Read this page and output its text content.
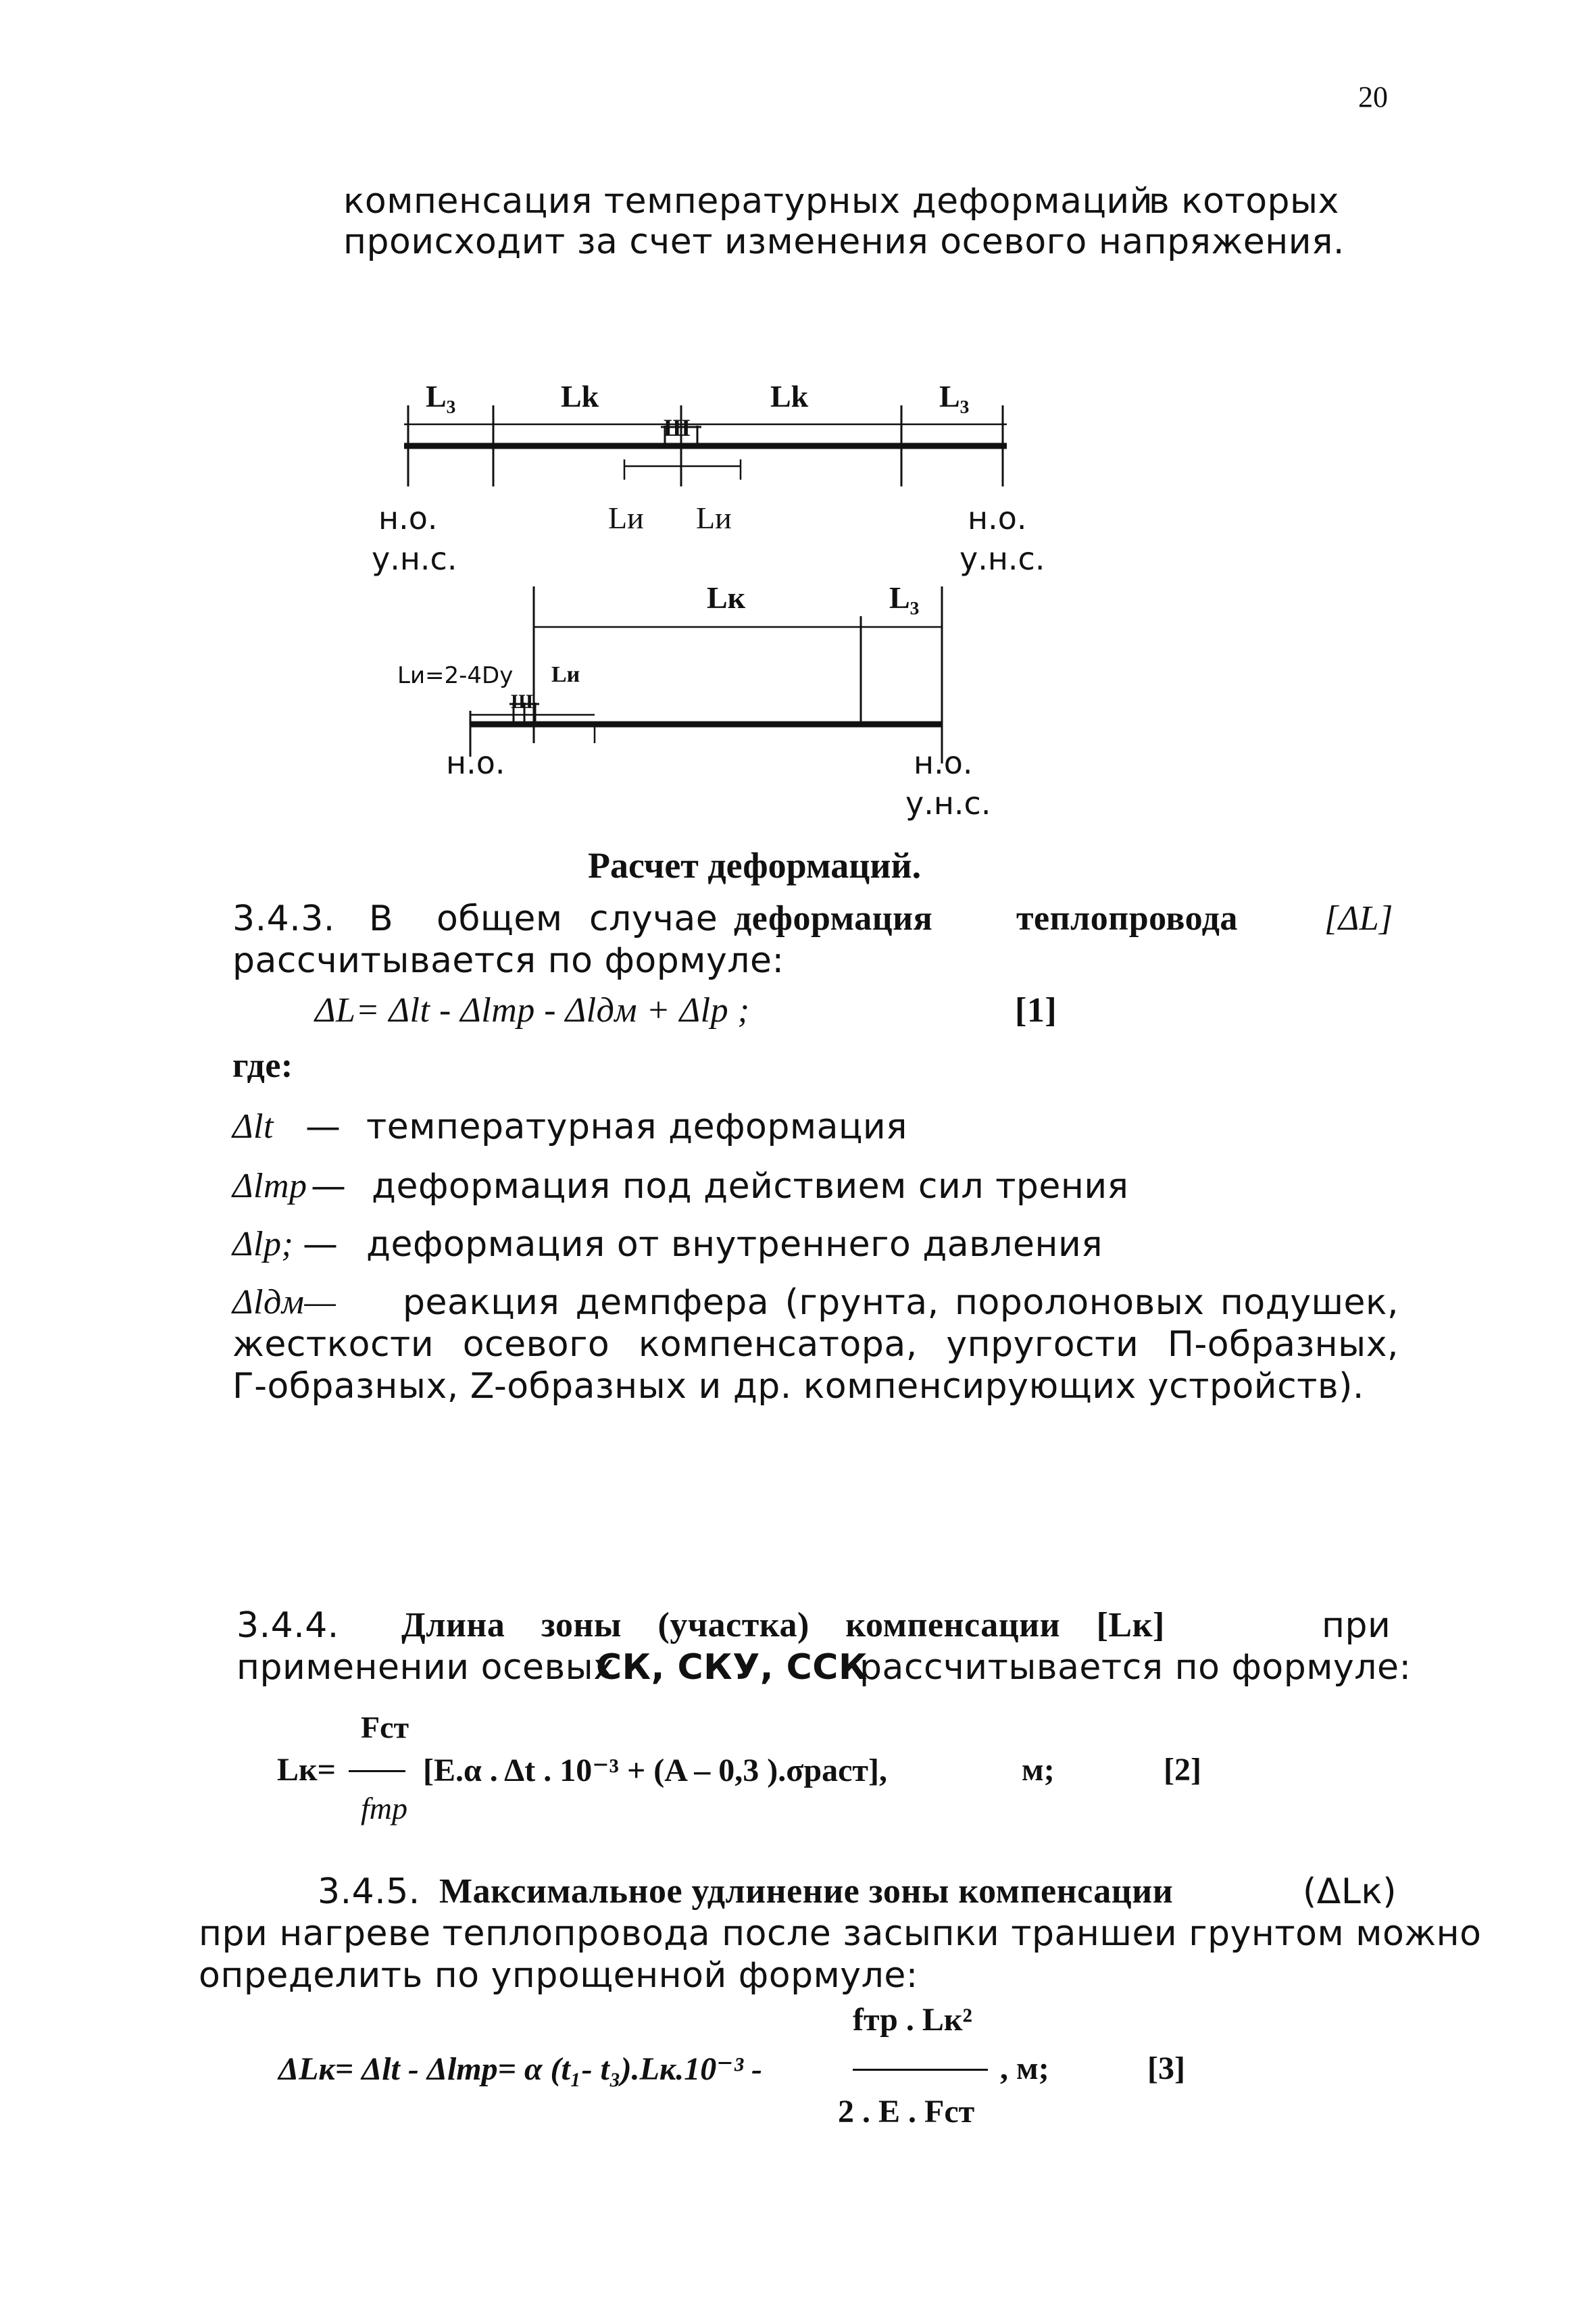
20
компенсация температурных деформаций
в которых
происходит за счет изменения осевого напряжения.
L₃	Lk	Lk	L₃
Ш
н.о.
у.н.с.
Lи Lи	н.о.
у.н.с.
Lк	L₃
Lи=2-4Dу Lи
Ш
н.о.	н.о.
у.н.с.
Расчет деформаций.
3.4.3. В общем случае деформация теплопровода [ΔL]
рассчитывается по формуле:
ΔL= Δlt - Δlтр - Δlдм + Δlp ;	[1]
где:
Δlt — температурная деформация
Δlтр — деформация под действием сил трения
Δlp; — деформация от внутреннего давления
Δlдм— реакция демпфера (грунта, поролоновых подушек,
жесткости осевого компенсатора, упругости П-образных,
Г-образных, Z-образных и др. компенсирующих устройств).
3.4.4. Длина зоны (участка) компенсации [Lк]	при
применении осевых
СК, СКУ, ССК
рассчитывается по формуле:
Fст
Lк=	[E.α . Δt . 10⁻³ + (A – 0,3 ).σраст],	м;	[2]
fтр
3.4.5. Максимальное удлинение зоны компенсации	(ΔLк)
при нагреве теплопровода после засыпки траншеи грунтом можно
определить по упрощенной формуле:
fтр . Lк²
ΔLк= Δlt - Δlтр= α (t₁- t₃).Lк.10⁻³ -	, м;	[3]
2 . E . Fст
